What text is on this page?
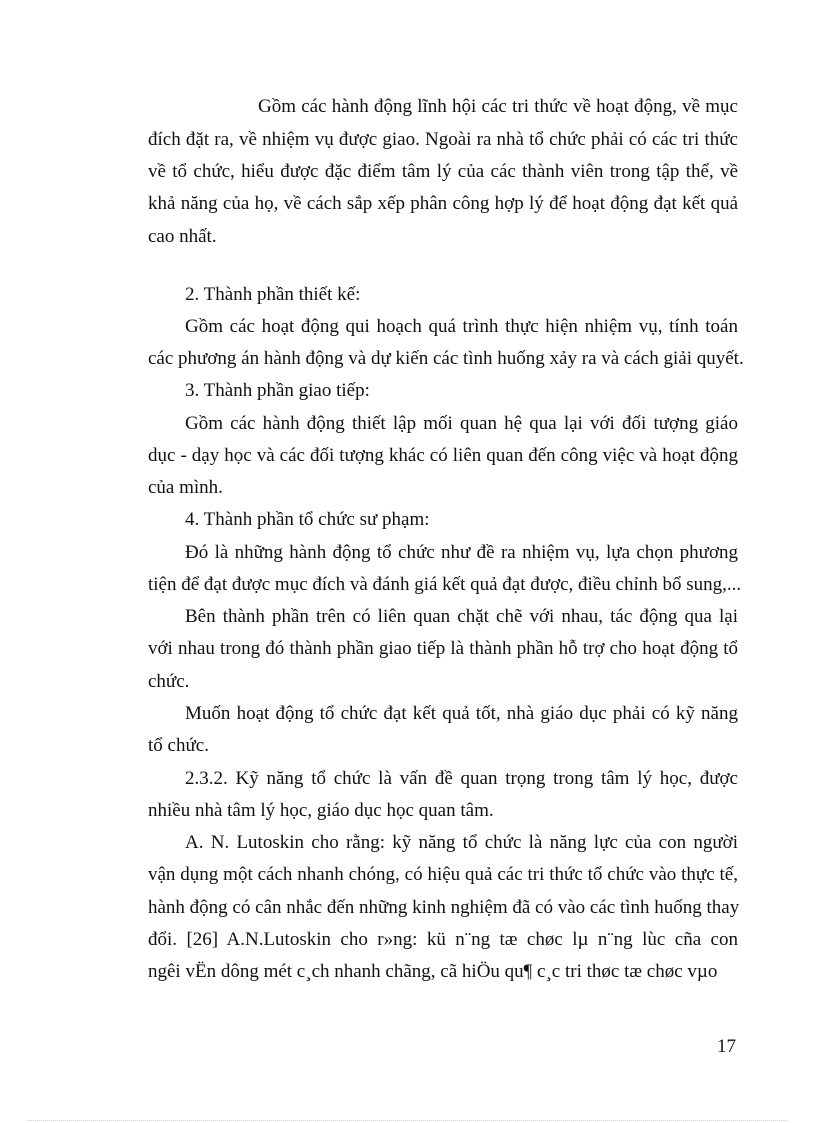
Gồm các hành động lĩnh hội các tri thức về hoạt động, về mục
đích đặt ra, về nhiệm vụ được giao. Ngoài ra nhà tổ chức phải có các tri thức
về tổ chức, hiểu được đặc điểm tâm lý của các thành viên trong tập thể, về
khả năng của họ, về cách sắp xếp phân công hợp lý để hoạt động đạt kết quả
cao nhất.
2. Thành phần thiết kế:
Gồm các hoạt động qui hoạch quá trình thực hiện nhiệm vụ, tính toán
các phương án hành động và dự kiến các tình huống xảy ra và cách giải quyết.
3. Thành phần giao tiếp:
Gồm các hành động thiết lập mối quan hệ qua lại với đối tượng giáo
dục - dạy học và các đối tượng khác có liên quan đến công việc và hoạt động
của mình.
4. Thành phần tổ chức sư phạm:
Đó là những hành động tổ chức như đề ra nhiệm vụ, lựa chọn phương
tiện để đạt được mục đích và đánh giá kết quả đạt được, điều chỉnh bổ sung,...
Bên thành phần trên có liên quan chặt chẽ với nhau, tác động qua lại
với nhau trong đó thành phần giao tiếp là thành phần hỗ trợ cho hoạt động tổ
chức.
Muốn hoạt động tổ chức đạt kết quả tốt, nhà giáo dục phải có kỹ năng
tổ chức.
2.3.2. Kỹ năng tổ chức là vấn đề quan trọng trong tâm lý học, được
nhiều nhà tâm lý học, giáo dục học quan tâm.
A. N. Lutoskin cho rằng: kỹ năng tổ chức là năng lực của con người
vận dụng một cách nhanh chóng, có hiệu quả các tri thức tổ chức vào thực tế,
hành động có cân nhắc đến những kinh nghiệm đã có vào các tình huống thay
đổi. [26] A.N.Lutoskin cho r»ng: kü n¨ng tæ chøc lµ n¨ng lùc cña con
ngêi vËn dông mét c¸ch nhanh chãng, cã hiÖu qu¶ c¸c tri thøc tæ chøc vµo
17
